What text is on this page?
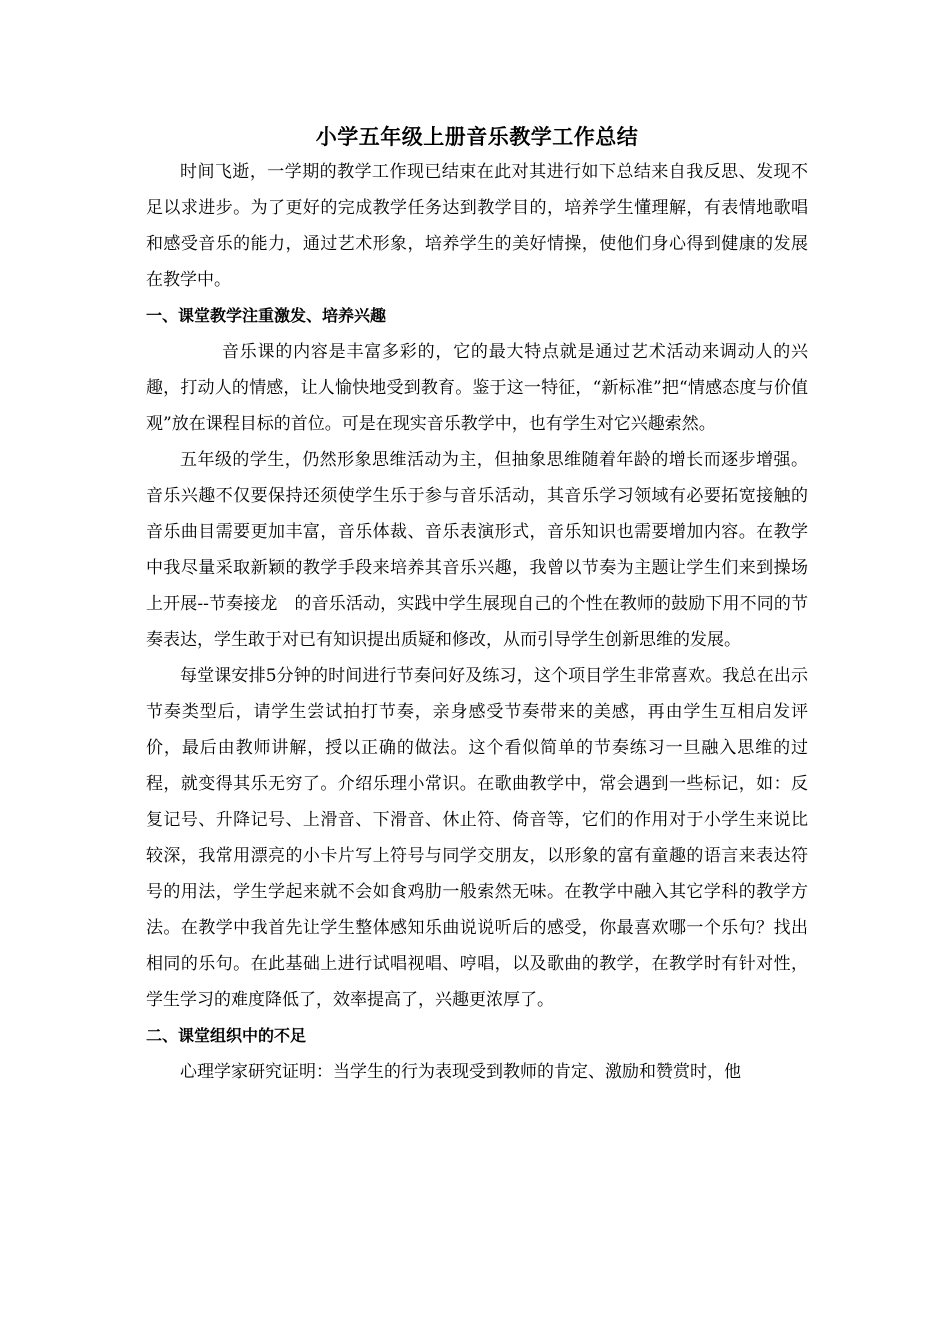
小学五年级上册音乐教学工作总结

时间飞逝，一学期的教学工作现已结束在此对其进行如下总结来自我反思、发现不足以求进步。为了更好的完成教学任务达到教学目的，培养学生懂理解，有表情地歌唱和感受音乐的能力，通过艺术形象，培养学生的美好情操，使他们身心得到健康的发展在教学中。

一、课堂教学注重激发、培养兴趣

音乐课的内容是丰富多彩的，它的最大特点就是通过艺术活动来调动人的兴趣，打动人的情感，让人愉快地受到教育。鉴于这一特征，“新标准”把“情感态度与价值观”放在课程目标的首位。可是在现实音乐教学中，也有学生对它兴趣索然。

五年级的学生，仍然形象思维活动为主，但抽象思维随着年龄的增长而逐步增强。音乐兴趣不仅要保持还须使学生乐于参与音乐活动，其音乐学习领域有必要拓宽接触的音乐曲目需要更加丰富，音乐体裁、音乐表演形式，音乐知识也需要增加内容。在教学中我尽量采取新颖的教学手段来培养其音乐兴趣，我曾以节奏为主题让学生们来到操场上开展--节奏接龙　的音乐活动，实践中学生展现自己的个性在教师的鼓励下用不同的节奏表达，学生敢于对已有知识提出质疑和修改，从而引导学生创新思维的发展。

每堂课安排5分钟的时间进行节奏问好及练习，这个项目学生非常喜欢。我总在出示节奏类型后，请学生尝试拍打节奏，亲身感受节奏带来的美感，再由学生互相启发评价，最后由教师讲解，授以正确的做法。这个看似简单的节奏练习一旦融入思维的过程，就变得其乐无穷了。介绍乐理小常识。在歌曲教学中，常会遇到一些标记，如：反复记号、升降记号、上滑音、下滑音、休止符、倚音等，它们的作用对于小学生来说比较深，我常用漂亮的小卡片写上符号与同学交朋友，以形象的富有童趣的语言来表达符号的用法，学生学起来就不会如食鸡肋一般索然无味。在教学中融入其它学科的教学方法。在教学中我首先让学生整体感知乐曲说说听后的感受，你最喜欢哪一个乐句？找出相同的乐句。在此基础上进行试唱视唱、哼唱，以及歌曲的教学，在教学时有针对性，学生学习的难度降低了，效率提高了，兴趣更浓厚了。

二、课堂组织中的不足

心理学家研究证明：当学生的行为表现受到教师的肯定、激励和赞赏时，他
